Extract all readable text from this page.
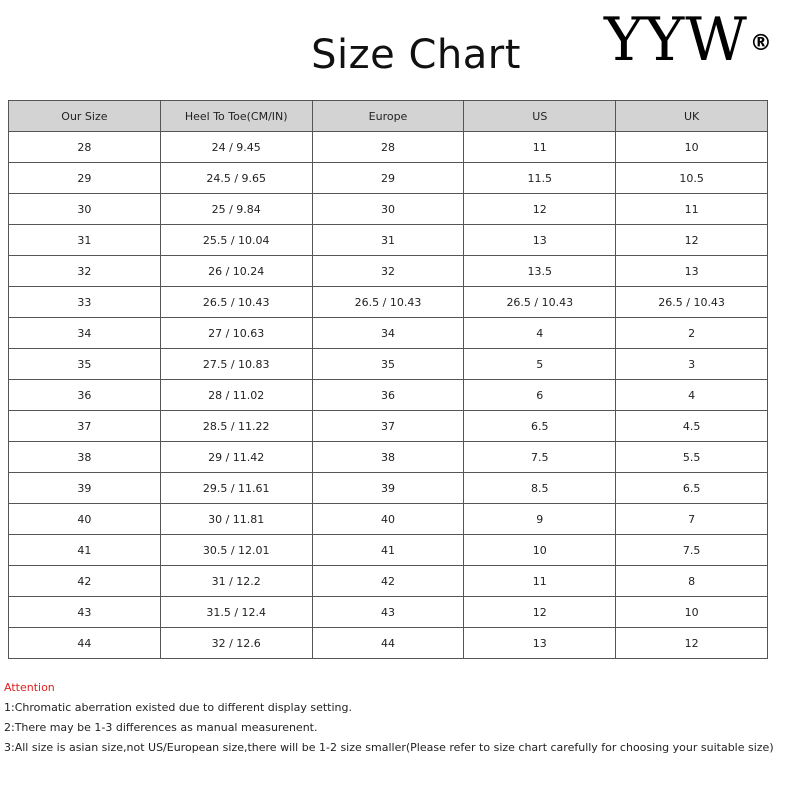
Size Chart	YYW®
Our Size	Heel To Toe(CM/IN)	Europe	US	UK
28	24 / 9.45	28	11	10
29	24.5 / 9.65	29	11.5	10.5
30	25 / 9.84	30	12	11
31	25.5 / 10.04	31	13	12
32	26 / 10.24	32	13.5	13
33	26.5 / 10.43	26.5 / 10.43	26.5 / 10.43	26.5 / 10.43
34	27 / 10.63	34	4	2
35	27.5 / 10.83	35	5	3
36	28 / 11.02	36	6	4
37	28.5 / 11.22	37	6.5	4.5
38	29 / 11.42	38	7.5	5.5
39	29.5 / 11.61	39	8.5	6.5
40	30 / 11.81	40	9	7
41	30.5 / 12.01	41	10	7.5
42	31 / 12.2	42	11	8
43	31.5 / 12.4	43	12	10
44	32 / 12.6	44	13	12
Attention
1:Chromatic aberration existed due to different display setting.
2:There may be 1-3 differences as manual measurenent.
3:All size is asian size,not US/European size,there will be 1-2 size smaller(Please refer to size chart carefully for choosing your suitable size)
